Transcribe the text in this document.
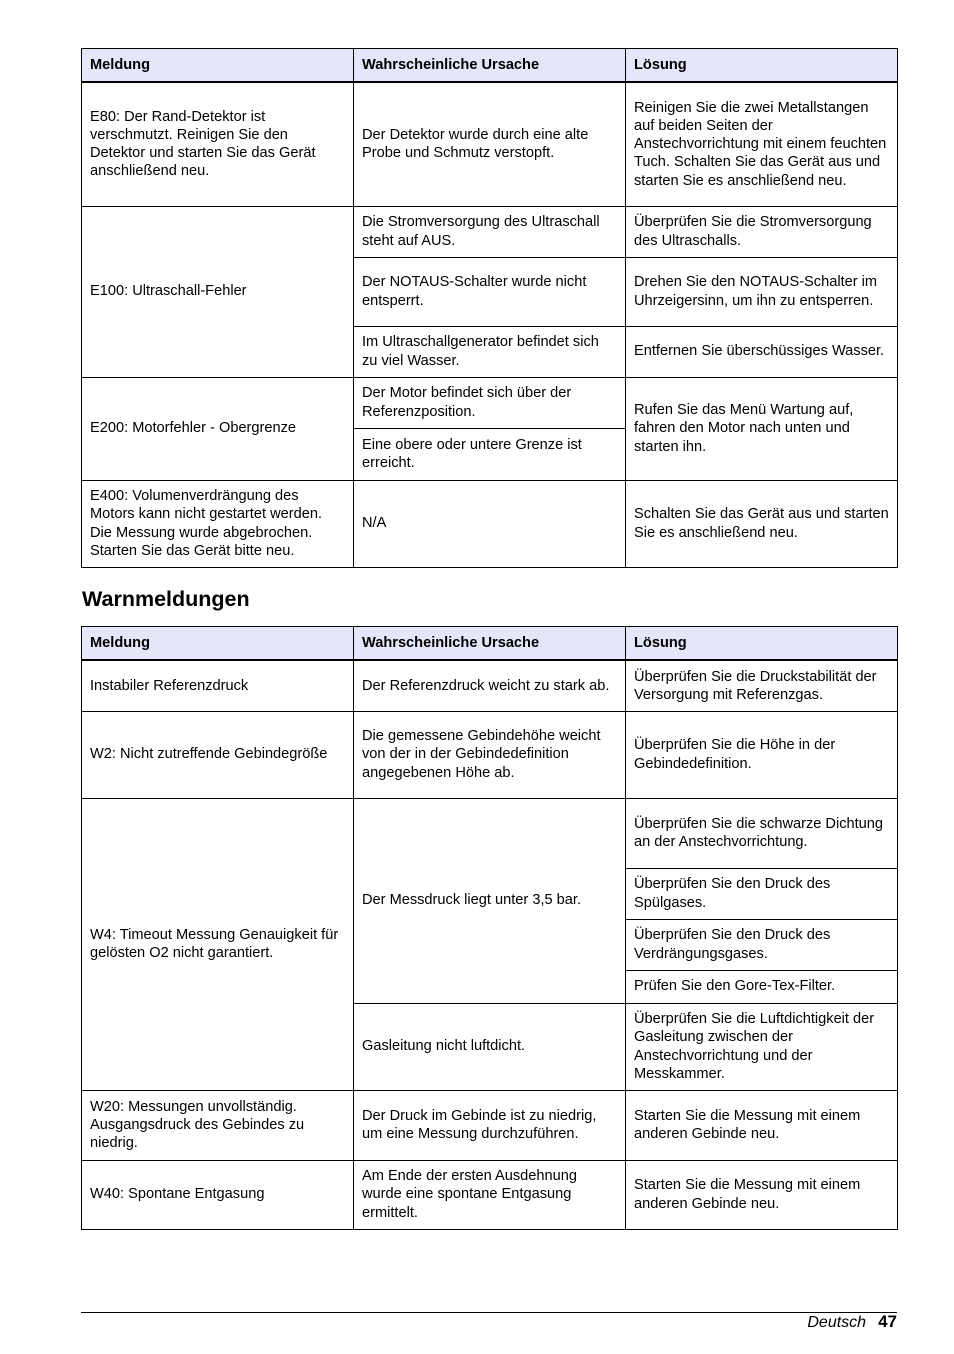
Meldung	Wahrscheinliche Ursache	Lösung
E80: Der Rand-Detektor ist verschmutzt. Reinigen Sie den Detektor und starten Sie das Gerät anschließend neu.	Der Detektor wurde durch eine alte Probe und Schmutz verstopft.	Reinigen Sie die zwei Metallstangen auf beiden Seiten der Anstechvorrichtung mit einem feuchten Tuch. Schalten Sie das Gerät aus und starten Sie es anschließend neu.
E100: Ultraschall-Fehler	Die Stromversorgung des Ultraschall steht auf AUS.	Überprüfen Sie die Stromversorgung des Ultraschalls.
	Der NOTAUS-Schalter wurde nicht entsperrt.	Drehen Sie den NOTAUS-Schalter im Uhrzeigersinn, um ihn zu entsperren.
	Im Ultraschallgenerator befindet sich zu viel Wasser.	Entfernen Sie überschüssiges Wasser.
E200: Motorfehler - Obergrenze	Der Motor befindet sich über der Referenzposition.	Rufen Sie das Menü Wartung auf, fahren den Motor nach unten und starten ihn.
	Eine obere oder untere Grenze ist erreicht.	
E400: Volumenverdrängung des Motors kann nicht gestartet werden. Die Messung wurde abgebrochen. Starten Sie das Gerät bitte neu.	N/A	Schalten Sie das Gerät aus und starten Sie es anschließend neu.
Warnmeldungen
Meldung	Wahrscheinliche Ursache	Lösung
Instabiler Referenzdruck	Der Referenzdruck weicht zu stark ab.	Überprüfen Sie die Druckstabilität der Versorgung mit Referenzgas.
W2: Nicht zutreffende Gebindegröße	Die gemessene Gebindehöhe weicht von der in der Gebindedefinition angegebenen Höhe ab.	Überprüfen Sie die Höhe in der Gebindedefinition.
W4: Timeout Messung Genauigkeit für gelösten O2 nicht garantiert.	Der Messdruck liegt unter 3,5 bar.	Überprüfen Sie die schwarze Dichtung an der Anstechvorrichtung.
		Überprüfen Sie den Druck des Spülgases.
		Überprüfen Sie den Druck des Verdrängungsgases.
		Prüfen Sie den Gore-Tex-Filter.
	Gasleitung nicht luftdicht.	Überprüfen Sie die Luftdichtigkeit der Gasleitung zwischen der Anstechvorrichtung und der Messkammer.
W20: Messungen unvollständig. Ausgangsdruck des Gebindes zu niedrig.	Der Druck im Gebinde ist zu niedrig, um eine Messung durchzuführen.	Starten Sie die Messung mit einem anderen Gebinde neu.
W40: Spontane Entgasung	Am Ende der ersten Ausdehnung wurde eine spontane Entgasung ermittelt.	Starten Sie die Messung mit einem anderen Gebinde neu.
Deutsch 47
